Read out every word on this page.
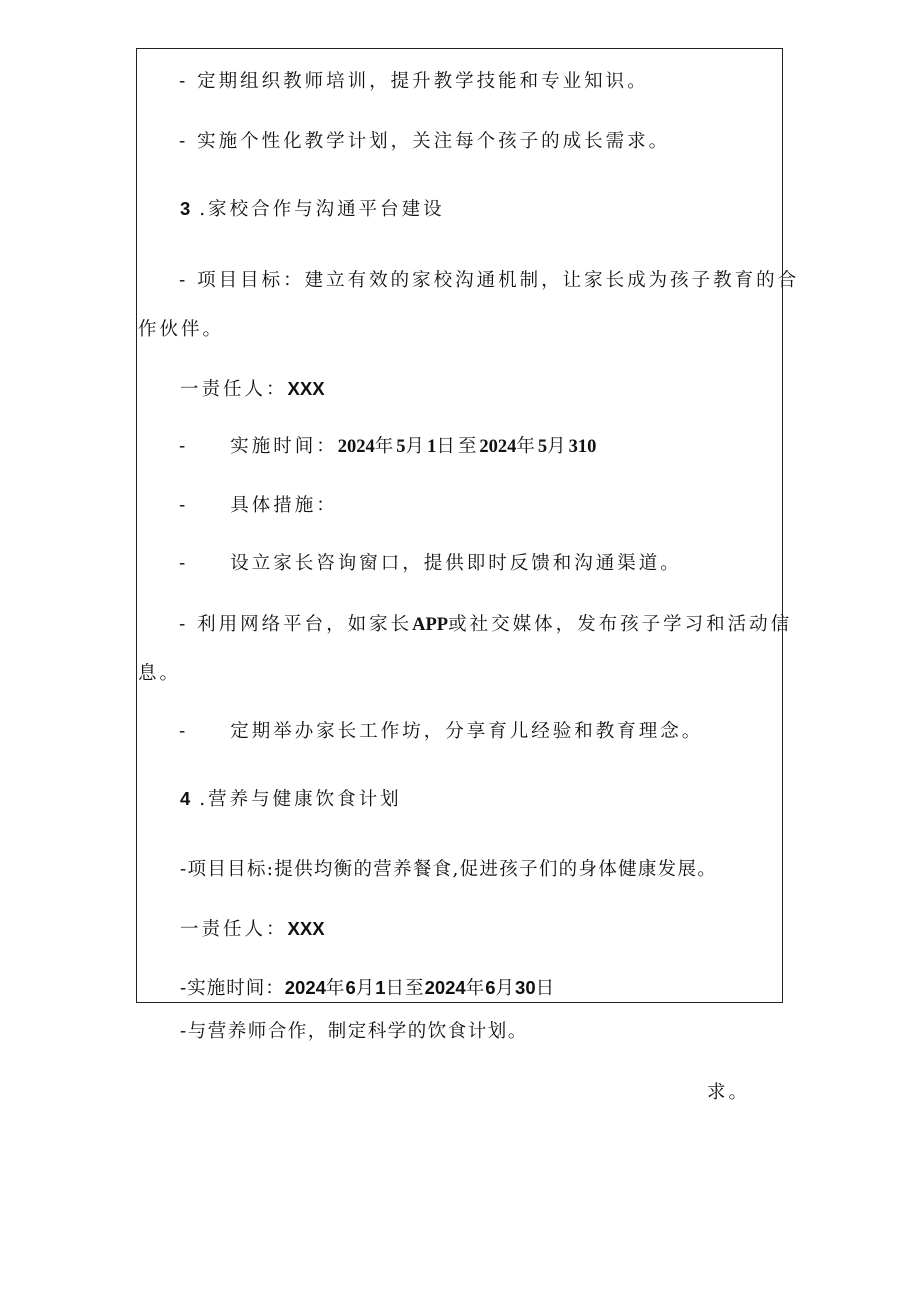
- 定期组织教师培训，提升教学技能和专业知识。
- 实施个性化教学计划，关注每个孩子的成长需求。
3 .家校合作与沟通平台建设
- 项目目标：建立有效的家校沟通机制，让家长成为孩子教育的合
作伙伴。
一责任人：XXX
- 实施时间：2024年5月1日至2024年5月310
- 具体措施：
- 设立家长咨询窗口，提供即时反馈和沟通渠道。
- 利用网络平台，如家长APP或社交媒体，发布孩子学习和活动信
息。
- 定期举办家长工作坊，分享育儿经验和教育理念。
4 .营养与健康饮食计划
-项目目标:提供均衡的营养餐食,促进孩子们的身体健康发展。
一责任人：XXX
-实施时间：2024年6月1日至2024年6月30日
-与营养师合作，制定科学的饮食计划。
求。
